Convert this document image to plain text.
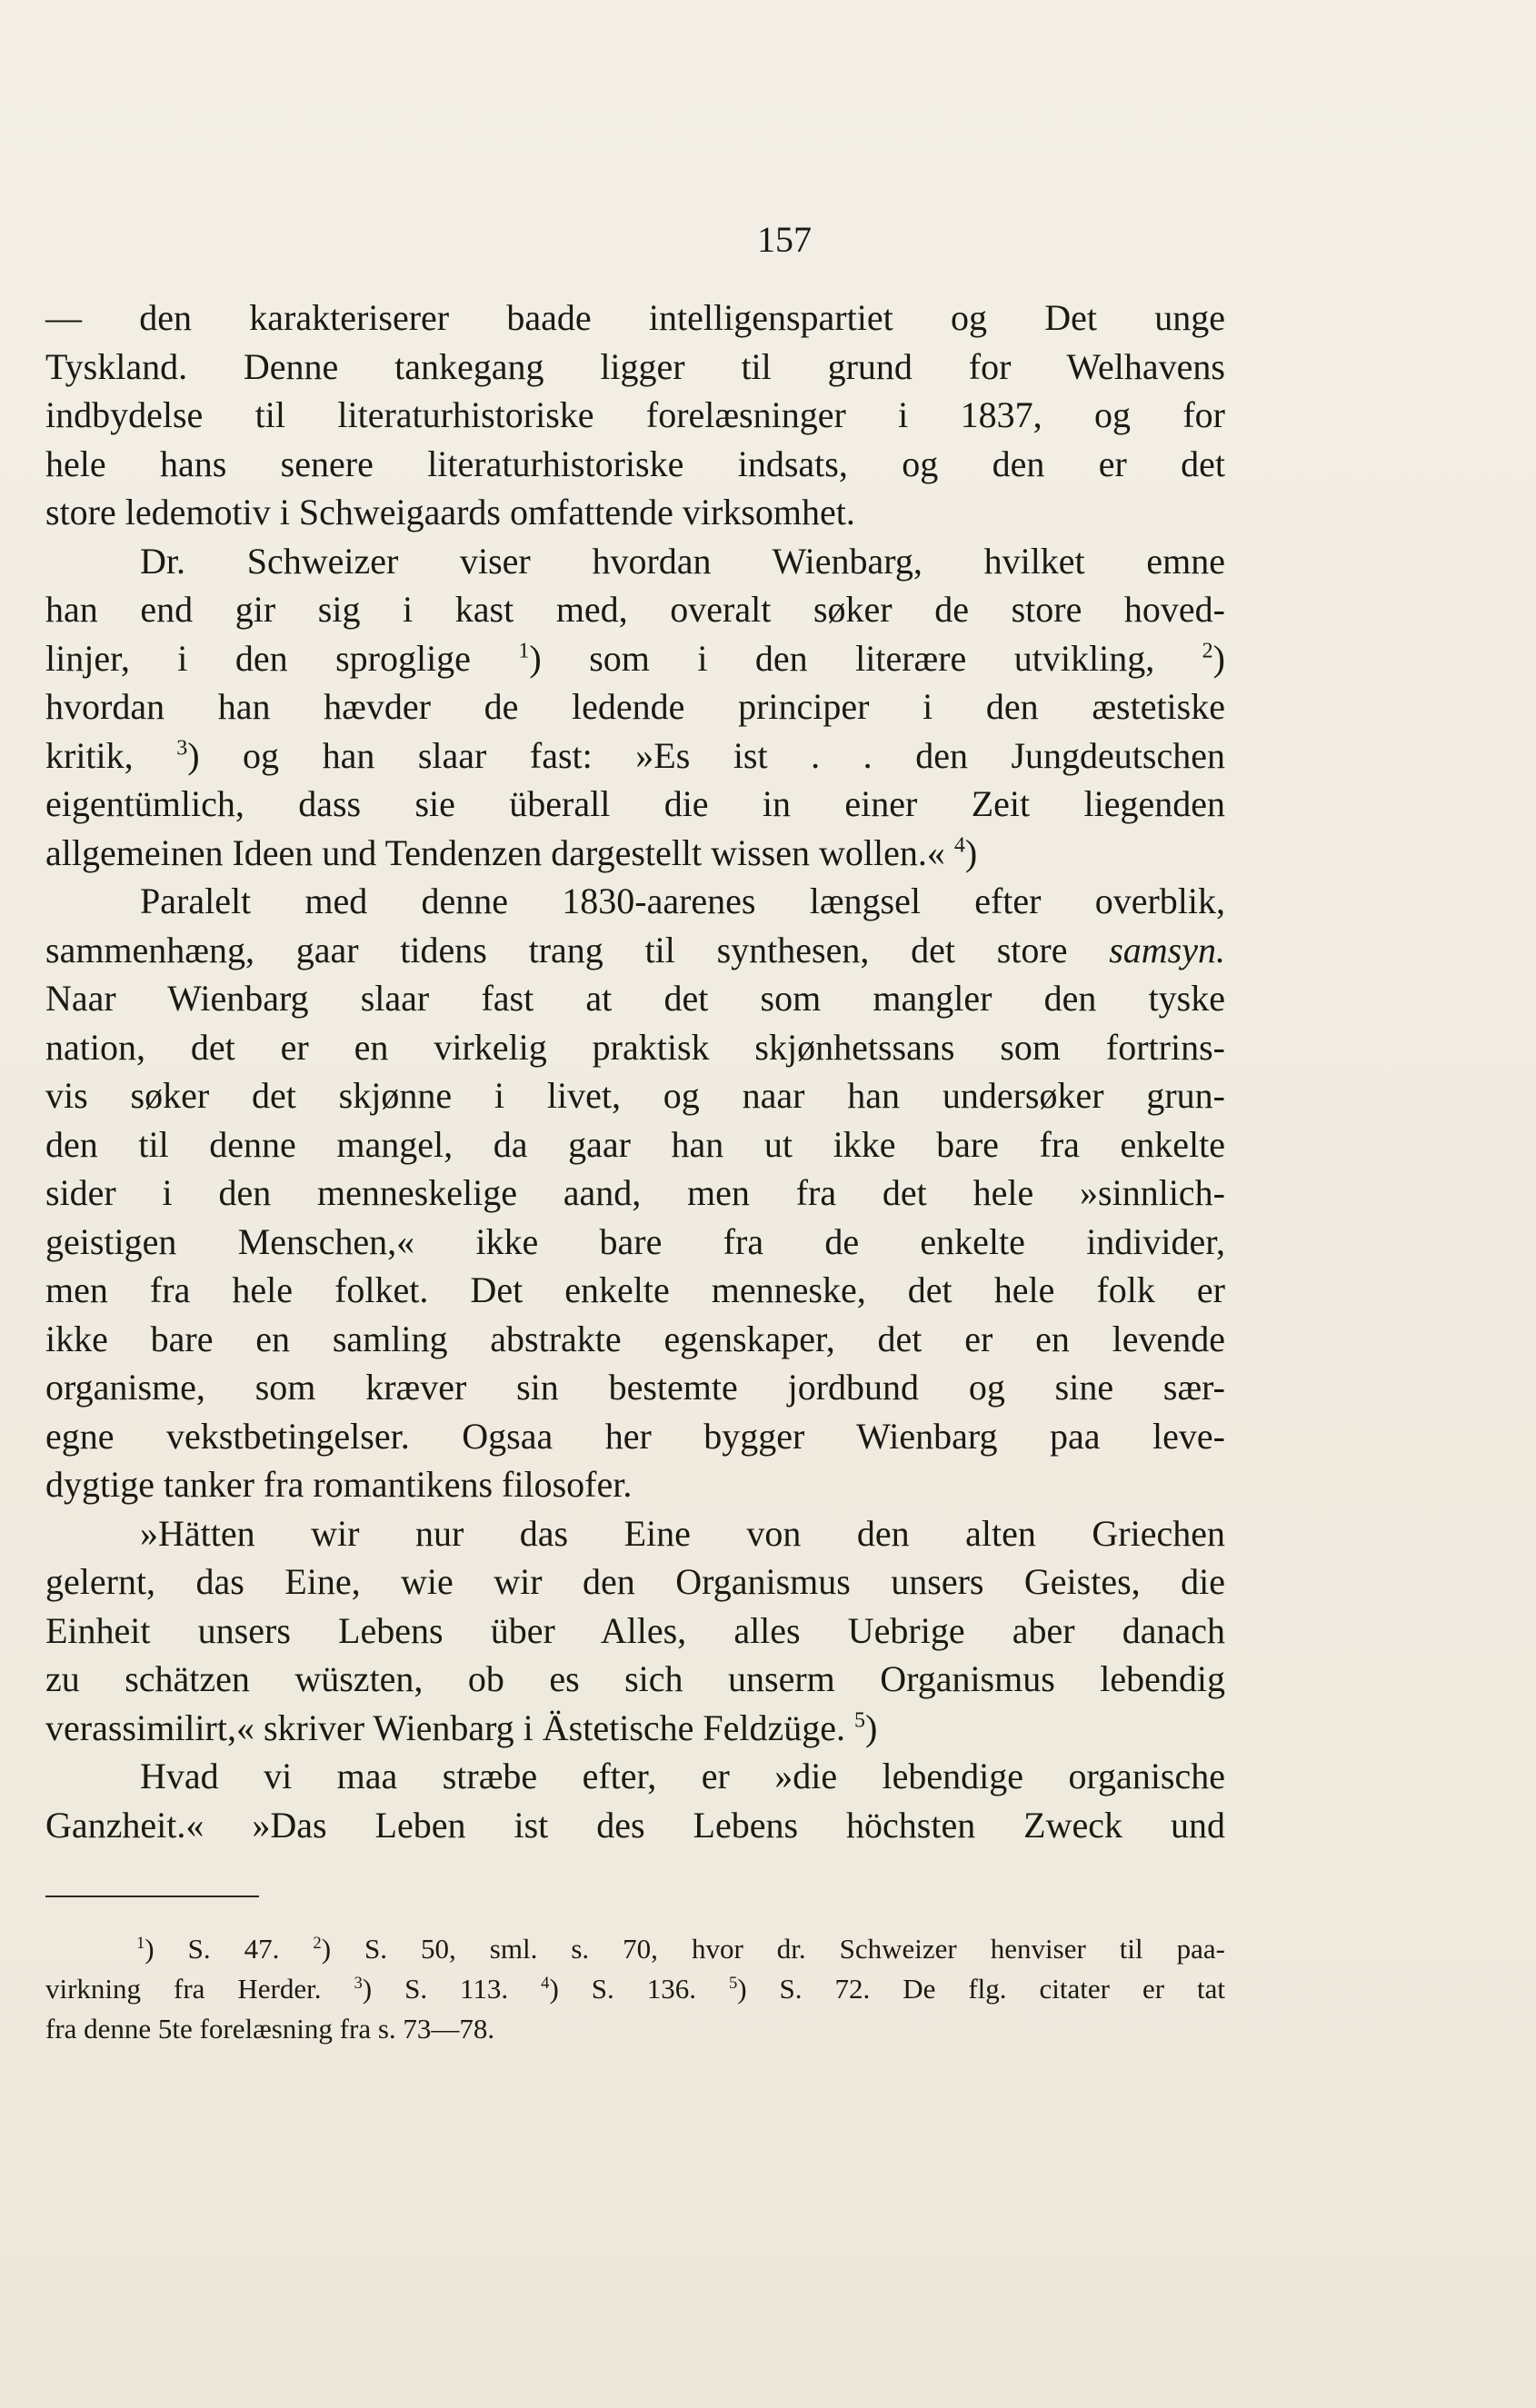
157
— den karakteriserer baade intelligenspartiet og Det unge
Tyskland. Denne tankegang ligger til grund for Welhavens
indbydelse til literaturhistoriske forelæsninger i 1837, og for
hele hans senere literaturhistoriske indsats, og den er det
store ledemotiv i Schweigaards omfattende virksomhet.
Dr. Schweizer viser hvordan Wienbarg, hvilket emne
han end gir sig i kast med, overalt søker de store hoved-
linjer, i den sproglige $^1$) som i den literære utvikling, $^2$)
hvordan han hævder de ledende principer i den æstetiske
kritik, $^3$) og han slaar fast: »Es ist . . den Jungdeutschen
eigentümlich, dass sie überall die in einer Zeit liegenden
allgemeinen Ideen und Tendenzen dargestellt wissen wollen.« $^4$)
Paralelt med denne 1830-aarenes længsel efter overblik,
sammenhæng, gaar tidens trang til synthesen, det store samsyn.
Naar Wienbarg slaar fast at det som mangler den tyske
nation, det er en virkelig praktisk skjønhetssans som fortrins-
vis søker det skjønne i livet, og naar han undersøker grun-
den til denne mangel, da gaar han ut ikke bare fra enkelte
sider i den menneskelige aand, men fra det hele »sinnlich-
geistigen Menschen,« ikke bare fra de enkelte individer,
men fra hele folket. Det enkelte menneske, det hele folk er
ikke bare en samling abstrakte egenskaper, det er en levende
organisme, som kræver sin bestemte jordbund og sine sær-
egne vekstbetingelser. Ogsaa her bygger Wienbarg paa leve-
dygtige tanker fra romantikens filosofer.
»Hätten wir nur das Eine von den alten Griechen
gelernt, das Eine, wie wir den Organismus unsers Geistes, die
Einheit unsers Lebens über Alles, alles Uebrige aber danach
zu schätzen wüszten, ob es sich unserm Organismus lebendig
verassimilirt,« skriver Wienbarg i Ästetische Feldzüge. $^5$)
Hvad vi maa stræbe efter, er »die lebendige organische
Ganzheit.« »Das Leben ist des Lebens höchsten Zweck und
$^1$) S. 47. $^2$) S. 50, sml. s. 70, hvor dr. Schweizer henviser til paa-
virkning fra Herder. $^3$) S. 113. $^4$) S. 136. $^5$) S. 72. De flg. citater er tat
fra denne 5te forelæsning fra s. 73—78.
